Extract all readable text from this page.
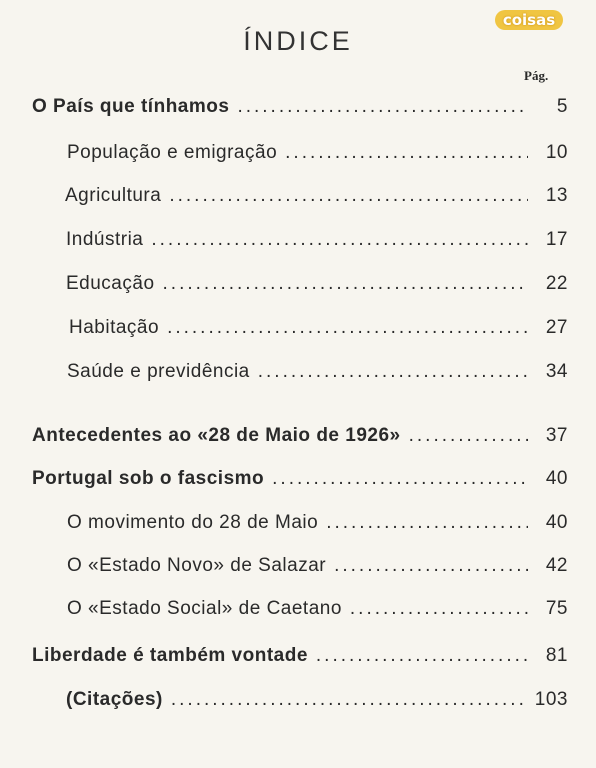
coisas
ÍNDICE
Pág.
O País que tínhamos .....	5
População e emigração .....	10
Agricultura .....	13
Indústria .....	17
Educação .....	22
Habitação .....	27
Saúde e previdência .....	34
Antecedentes ao «28 de Maio de 1926» .....	37
Portugal sob o fascismo .....	40
O movimento do 28 de Maio .....	40
O «Estado Novo» de Salazar .....	42
O «Estado Social» de Caetano .....	75
Liberdade é também vontade .....	81
(Citações) .....	103
